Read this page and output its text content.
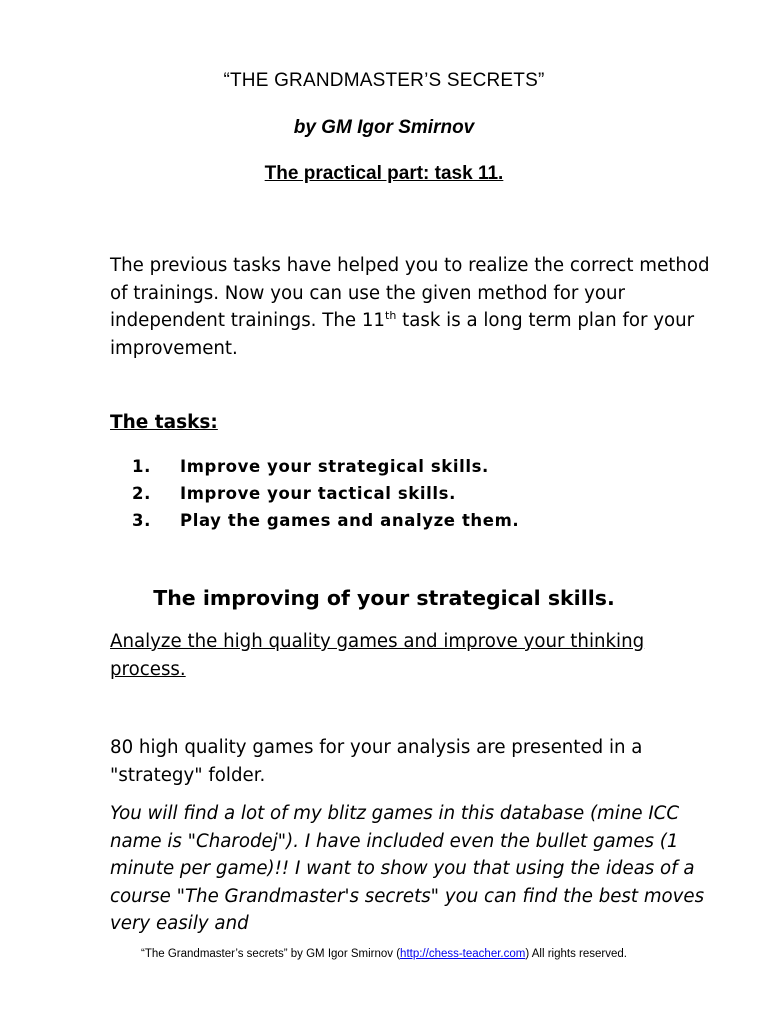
“THE GRANDMASTER’S SECRETS”
by GM Igor Smirnov
The practical part: task 11.
The previous tasks have helped you to realize the correct method of trainings. Now you can use the given method for your independent trainings. The 11th task is a long term plan for your improvement.
The tasks:
1.	Improve your strategical skills.
2.	Improve your tactical skills.
3.	Play the games and analyze them.
The improving of your strategical skills.
Analyze the high quality games and improve your thinking process.
80 high quality games for your analysis are presented in a "strategy" folder.
You will find a lot of my blitz games in this database (mine ICC name is "Charodej"). I have included even the bullet games (1 minute per game)!! I want to show you that using the ideas of a course "The Grandmaster's secrets" you can find the best moves very easily and
“The Grandmaster’s secrets” by GM Igor Smirnov (http://chess-teacher.com) All rights reserved.
